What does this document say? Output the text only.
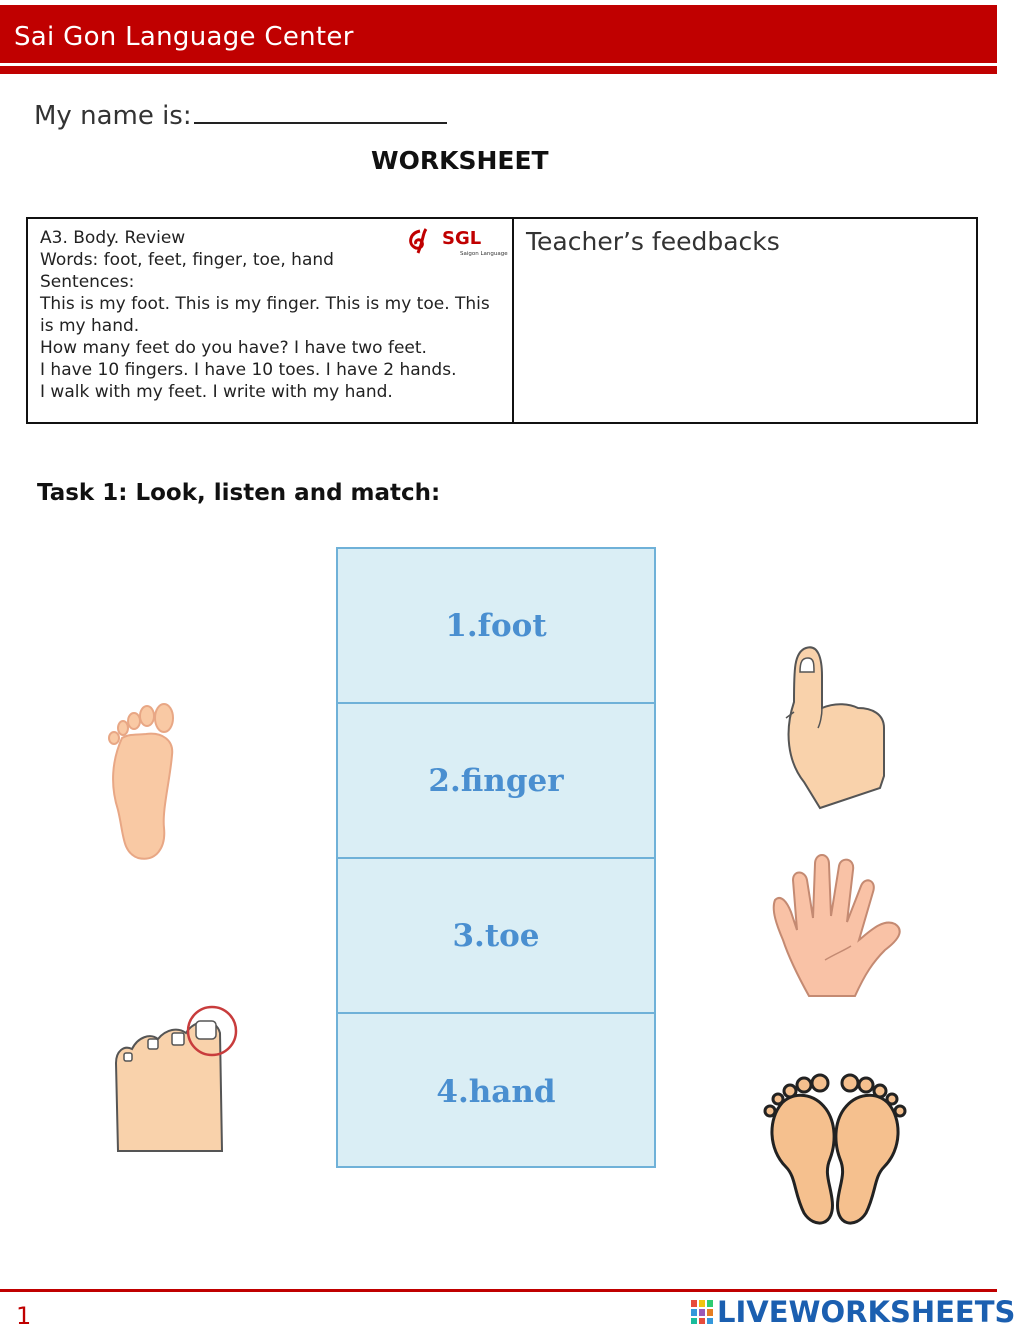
Sai Gon Language Center
My name is:
WORKSHEET

A3. Body. Review

Words: foot, feet, finger, toe, hand

Sentences:

This is my foot. This is my finger. This is my toe. This is my hand.

How many feet do you have? I have two feet.

I have 10 fingers. I have 10 toes. I have 2 hands.

I walk with my feet. I write with my hand.

SGL
Saigon Language Teacher’s feedbacks
Task 1: Look, listen and match:
1.foot
2.finger
3.toe
4.hand
1	LIVEWORKSHEETS
